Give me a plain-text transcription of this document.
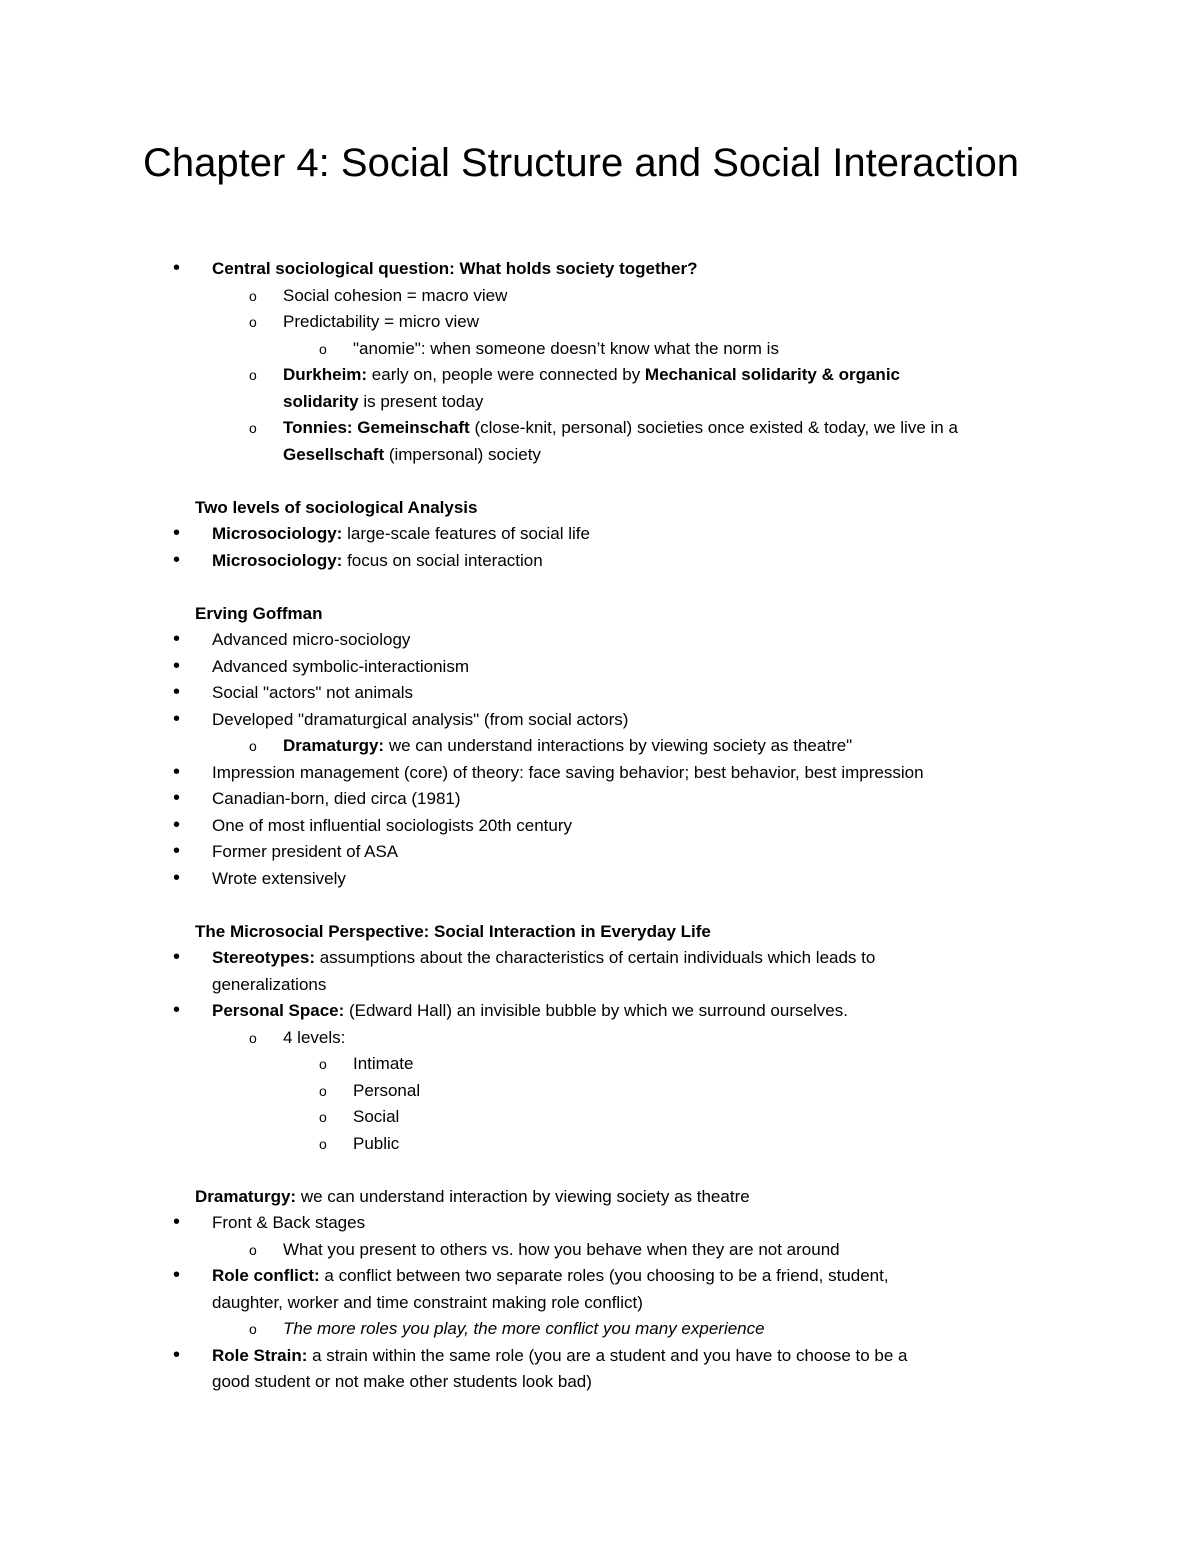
Chapter 4: Social Structure and Social Interaction
• Central sociological question: What holds society together?
o Social cohesion = macro view
o Predictability = micro view
o "anomie": when someone doesn’t know what the norm is
o Durkheim: early on, people were connected by Mechanical solidarity & organic
solidarity is present today
o Tonnies: Gemeinschaft (close-knit, personal) societies once existed & today, we live in a
Gesellschaft (impersonal) society
Two levels of sociological Analysis
• Microsociology: large-scale features of social life
• Microsociology: focus on social interaction
Erving Goffman
• Advanced micro-sociology
• Advanced symbolic-interactionism
• Social "actors" not animals
• Developed "dramaturgical analysis" (from social actors)
o Dramaturgy: we can understand interactions by viewing society as theatre"
• Impression management (core) of theory: face saving behavior; best behavior, best impression
• Canadian-born, died circa (1981)
• One of most influential sociologists 20th century
• Former president of ASA
• Wrote extensively
The Microsocial Perspective: Social Interaction in Everyday Life
• Stereotypes: assumptions about the characteristics of certain individuals which leads to
generalizations
• Personal Space: (Edward Hall) an invisible bubble by which we surround ourselves.
o 4 levels:
o Intimate
o Personal
o Social
o Public
Dramaturgy: we can understand interaction by viewing society as theatre
• Front & Back stages
o What you present to others vs. how you behave when they are not around
• Role conflict: a conflict between two separate roles (you choosing to be a friend, student,
daughter, worker and time constraint making role conflict)
o The more roles you play, the more conflict you many experience
• Role Strain: a strain within the same role (you are a student and you have to choose to be a
good student or not make other students look bad)
